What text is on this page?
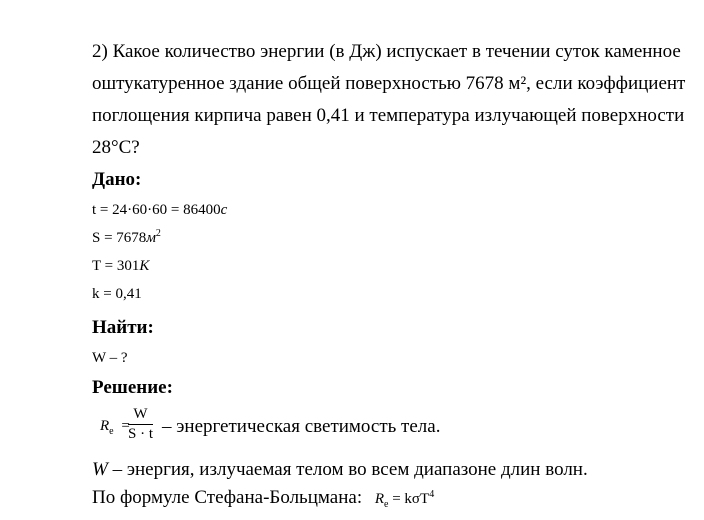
2) Какое количество энергии (в Дж) испускает в течении суток каменное
оштукатуренное здание общей поверхностью 7678 м², если коэффициент
поглощения кирпича равен 0,41 и температура излучающей поверхности
28°C?
Дано:
t = 24·60·60 = 86400c
$S = 7678м^2$
T = 301K
k = 0,41
Найти:
W – ?
Решение:
$R_e$ =
$\frac{W}{S \cdot t}$ – энергетическая светимость тела.
W – энергия, излучаемая телом во всем диапазоне длин волн.
По формуле Стефана-Больцмана: $R_e = k\sigma T^4$
